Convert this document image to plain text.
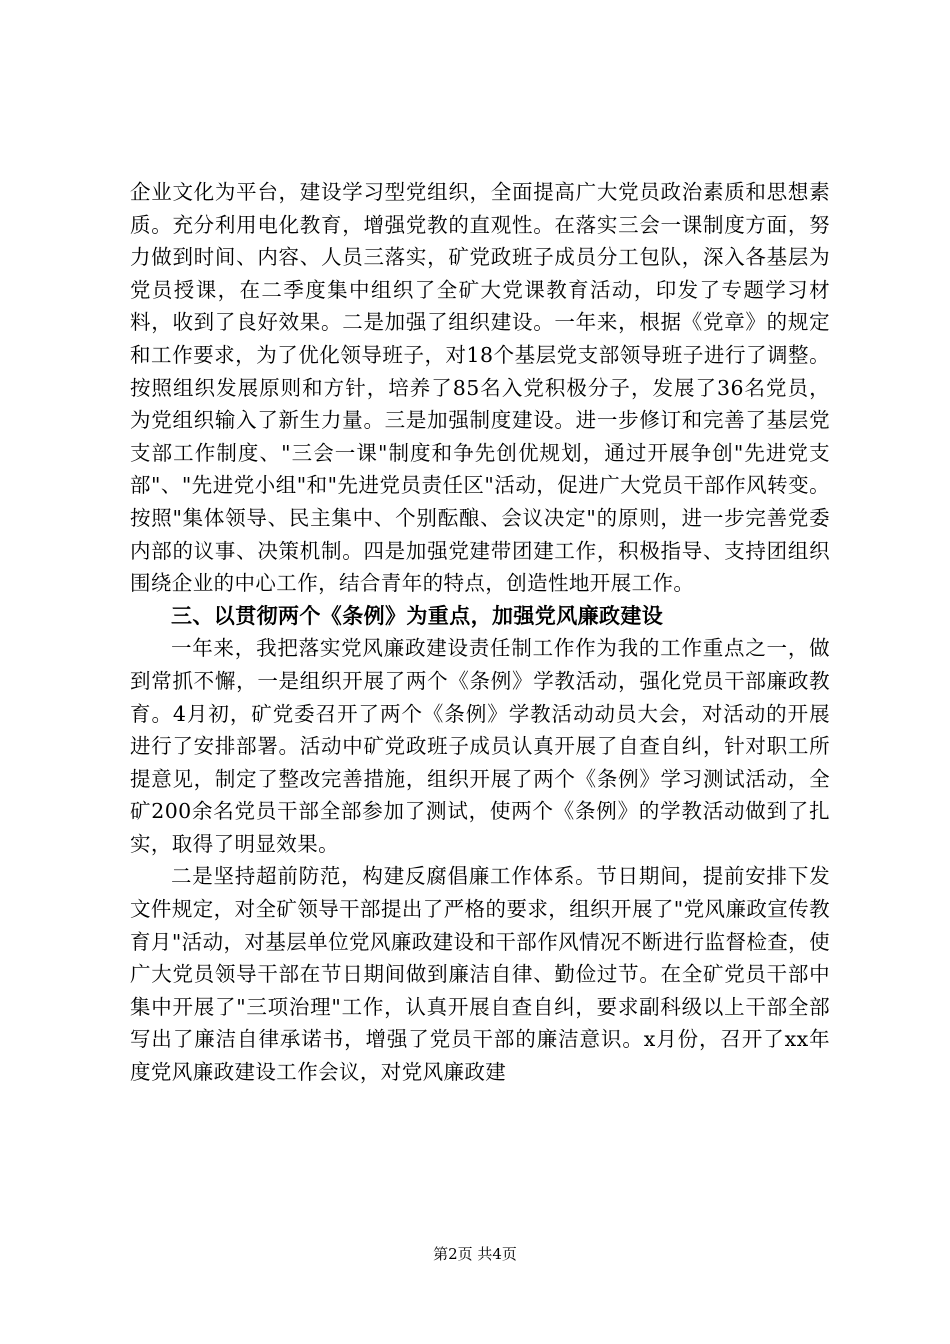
企业文化为平台，建设学习型党组织，全面提高广大党员政治素质和思想素质。充分利用电化教育，增强党教的直观性。在落实三会一课制度方面，努力做到时间、内容、人员三落实，矿党政班子成员分工包队，深入各基层为党员授课，在二季度集中组织了全矿大党课教育活动，印发了专题学习材料，收到了良好效果。二是加强了组织建设。一年来，根据《党章》的规定和工作要求，为了优化领导班子，对18个基层党支部领导班子进行了调整。按照组织发展原则和方针，培养了85名入党积极分子，发展了36名党员，为党组织输入了新生力量。三是加强制度建设。进一步修订和完善了基层党支部工作制度、"三会一课"制度和争先创优规划，通过开展争创"先进党支部"、"先进党小组"和"先进党员责任区"活动，促进广大党员干部作风转变。按照"集体领导、民主集中、个别酝酿、会议决定"的原则，进一步完善党委内部的议事、决策机制。四是加强党建带团建工作，积极指导、支持团组织围绕企业的中心工作，结合青年的特点，创造性地开展工作。

三、以贯彻两个《条例》为重点，加强党风廉政建设

一年来，我把落实党风廉政建设责任制工作作为我的工作重点之一，做到常抓不懈，一是组织开展了两个《条例》学教活动，强化党员干部廉政教育。4月初，矿党委召开了两个《条例》学教活动动员大会，对活动的开展进行了安排部署。活动中矿党政班子成员认真开展了自查自纠，针对职工所提意见，制定了整改完善措施，组织开展了两个《条例》学习测试活动，全矿200余名党员干部全部参加了测试，使两个《条例》的学教活动做到了扎实，取得了明显效果。

二是坚持超前防范，构建反腐倡廉工作体系。节日期间，提前安排下发文件规定，对全矿领导干部提出了严格的要求，组织开展了"党风廉政宣传教育月"活动，对基层单位党风廉政建设和干部作风情况不断进行监督检查，使广大党员领导干部在节日期间做到廉洁自律、勤俭过节。在全矿党员干部中集中开展了"三项治理"工作，认真开展自查自纠，要求副科级以上干部全部写出了廉洁自律承诺书，增强了党员干部的廉洁意识。x月份，召开了xx年度党风廉政建设工作会议，对党风廉政建

第2页 共4页
